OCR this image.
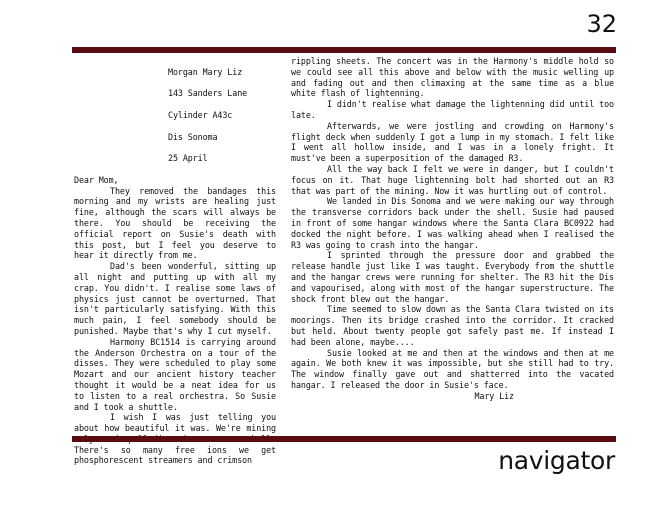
32

Morgan Mary Liz

143 Sanders Lane

Cylinder A43c

Dis Sonoma

25 April

Dear Mom,

They removed the bandages this morning and my wrists are healing just fine, although the scars will always be there. You should be receiving the official report on Susie's death with this post, but I feel you deserve to hear it directly from me.

Dad's been wonderful, sitting up all night and putting up with all my crap. You didn't. I realise some laws of physics just cannot be overturned. That isn't particularly satisfying. With this much pain, I feel somebody should be punished. Maybe that's why I cut myself.

Harmony BC1514 is carrying around the Anderson Orchestra on a tour of the disses. They were scheduled to play some Mozart and our ancient history teacher thought it would be a neat idea for us to listen to a real orchestra. So Susie and I took a shuttle.

I wish I was just telling you about how beautiful it was. We're mining There's so many free ions we get phosphorescent streamers and crimson

rippling sheets. The concert was in the Harmony's middle hold so we could see all this above and below with the music welling up and fading out and then climaxing at the same time as a blue white flash of lightenning.

I didn't realise what damage the lightenning did until too late.

Afterwards, we were jostling and crowding on Harmony's flight deck when suddenly I got a lump in my stomach. I felt like I went all hollow inside, and I was in a lonely fright. It must've been a superposition of the damaged R3.

All the way back I felt we were in danger, but I couldn't focus on it. That huge lightenning bolt had shorted out an R3 that was part of the mining. Now it was hurtling out of control.

We landed in Dis Sonoma and we were making our way through the transverse corridors back under the shell. Susie had paused in front of some hangar windows where the Santa Clara BC0922 had docked the night before. I was walking ahead when I realised the R3 was going to crash into the hangar.

I sprinted through the pressure door and grabbed the release handle just like I was taught. Everybody from the shuttle and the hangar crews were running for shelter. The R3 hit the Dis and vapourised, along with most of the hangar superstructure. The shock front blew out the hangar.

Time seemed to slow down as the Santa Clara twisted on its moorings. Then its bridge crashed into the corridor. It cracked but held. About twenty people got safely past me. If instead I had been alone, maybe....

Susie looked at me and then at the windows and then at me again. We both knew it was impossible, but she still had to try. The window finally gave out and shatterred into the vacated hangar. I released the door in Susie's face.

Mary Liz

navigator
